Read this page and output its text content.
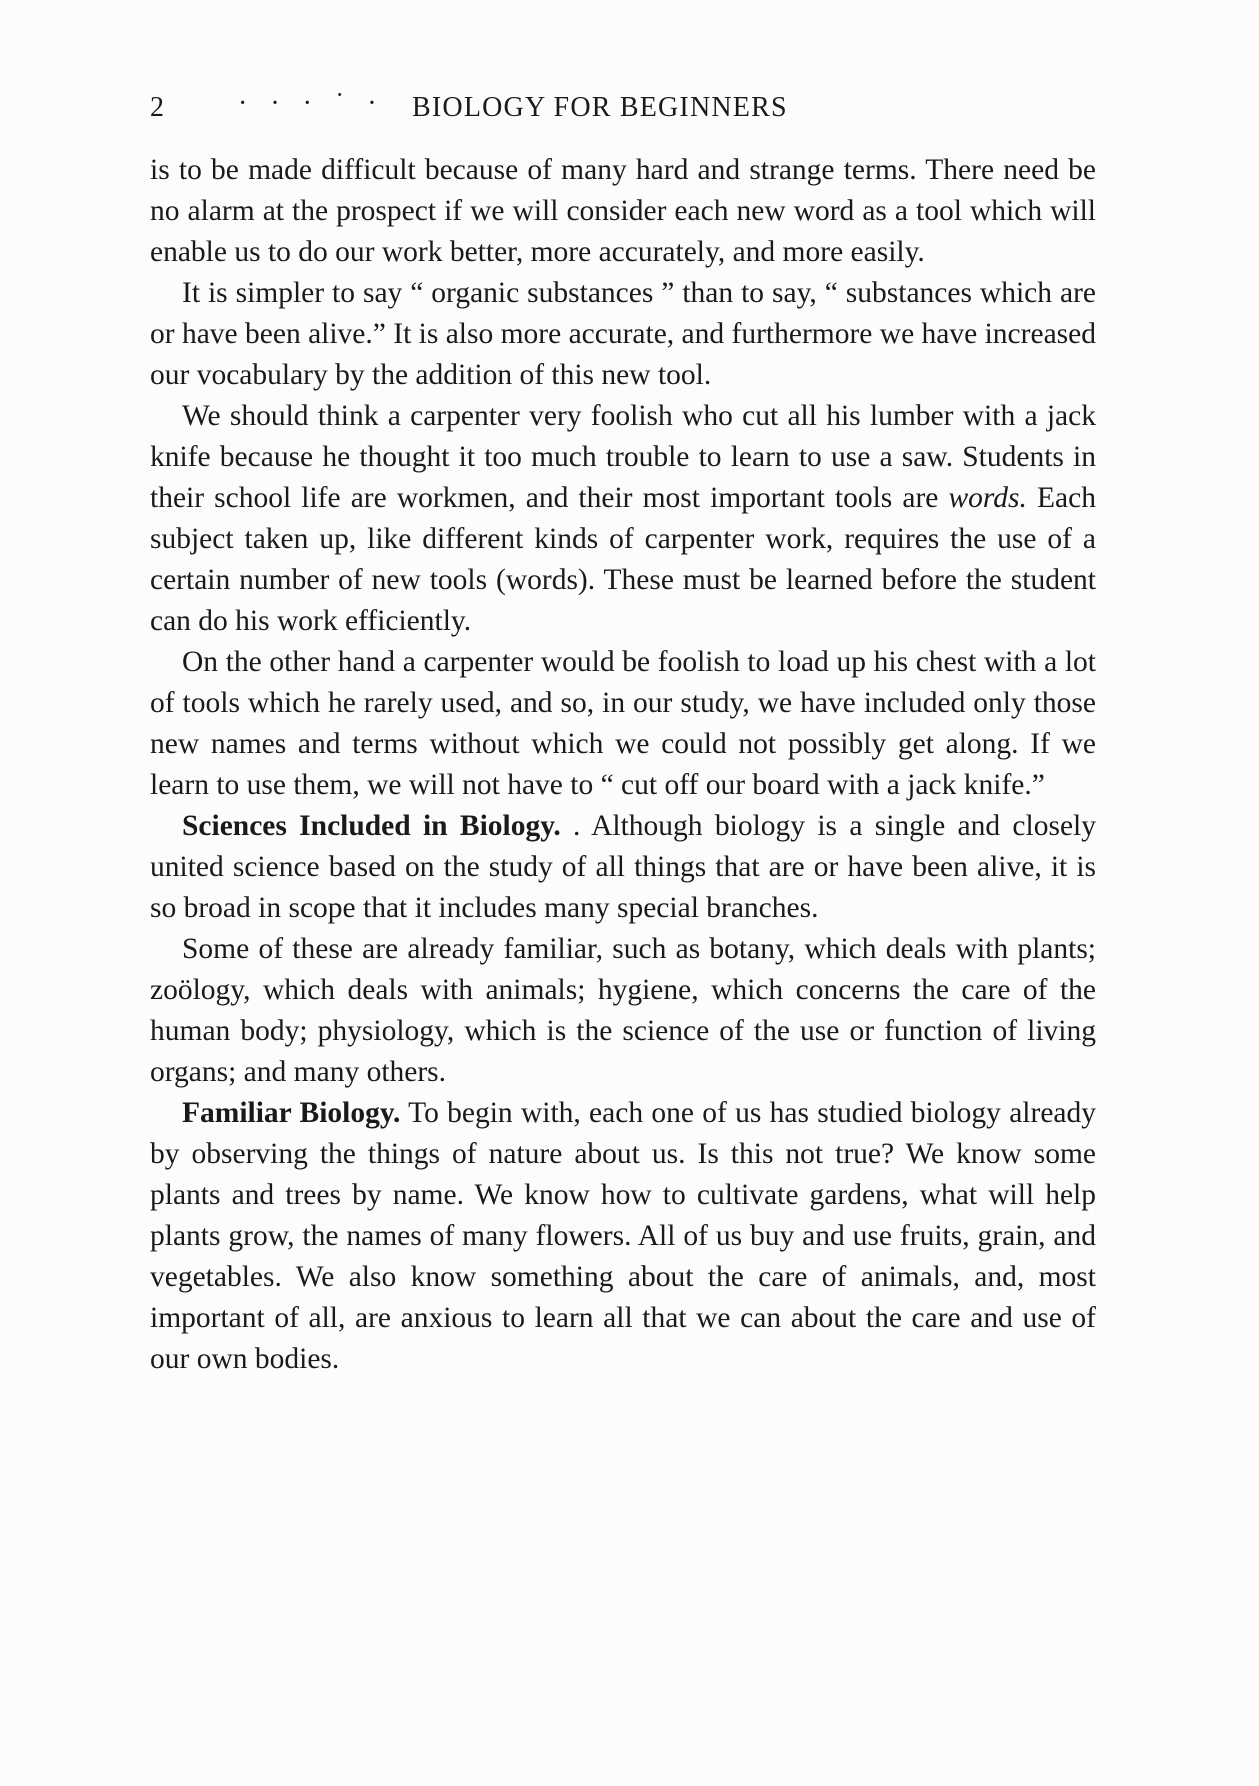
2	· · · ˙ · BIOLOGY FOR BEGINNERS

is to be made difficult because of many hard and strange terms. There need be no alarm at the prospect if we will consider each new word as a tool which will enable us to do our work better, more accurately, and more easily.

It is simpler to say “ organic substances ” than to say, “ substances which are or have been alive.” It is also more accurate, and furthermore we have increased our vocabulary by the addition of this new tool.

We should think a carpenter very foolish who cut all his lumber with a jack knife because he thought it too much trouble to learn to use a saw. Students in their school life are workmen, and their most important tools are words. Each subject taken up, like different kinds of carpenter work, requires the use of a certain number of new tools (words). These must be learned before the student can do his work efficiently.

On the other hand a carpenter would be foolish to load up his chest with a lot of tools which he rarely used, and so, in our study, we have included only those new names and terms without which we could not possibly get along. If we learn to use them, we will not have to “ cut off our board with a jack knife.”

Sciences Included in Biology. . Although biology is a single and closely united science based on the study of all things that are or have been alive, it is so broad in scope that it includes many special branches.

Some of these are already familiar, such as botany, which deals with plants; zoölogy, which deals with animals; hygiene, which concerns the care of the human body; physiology, which is the science of the use or function of living organs; and many others.

Familiar Biology. To begin with, each one of us has studied biology already by observing the things of nature about us. Is this not true? We know some plants and trees by name. We know how to cultivate gardens, what will help plants grow, the names of many flowers. All of us buy and use fruits, grain, and vegetables. We also know something about the care of animals, and, most important of all, are anxious to learn all that we can about the care and use of our own bodies.
